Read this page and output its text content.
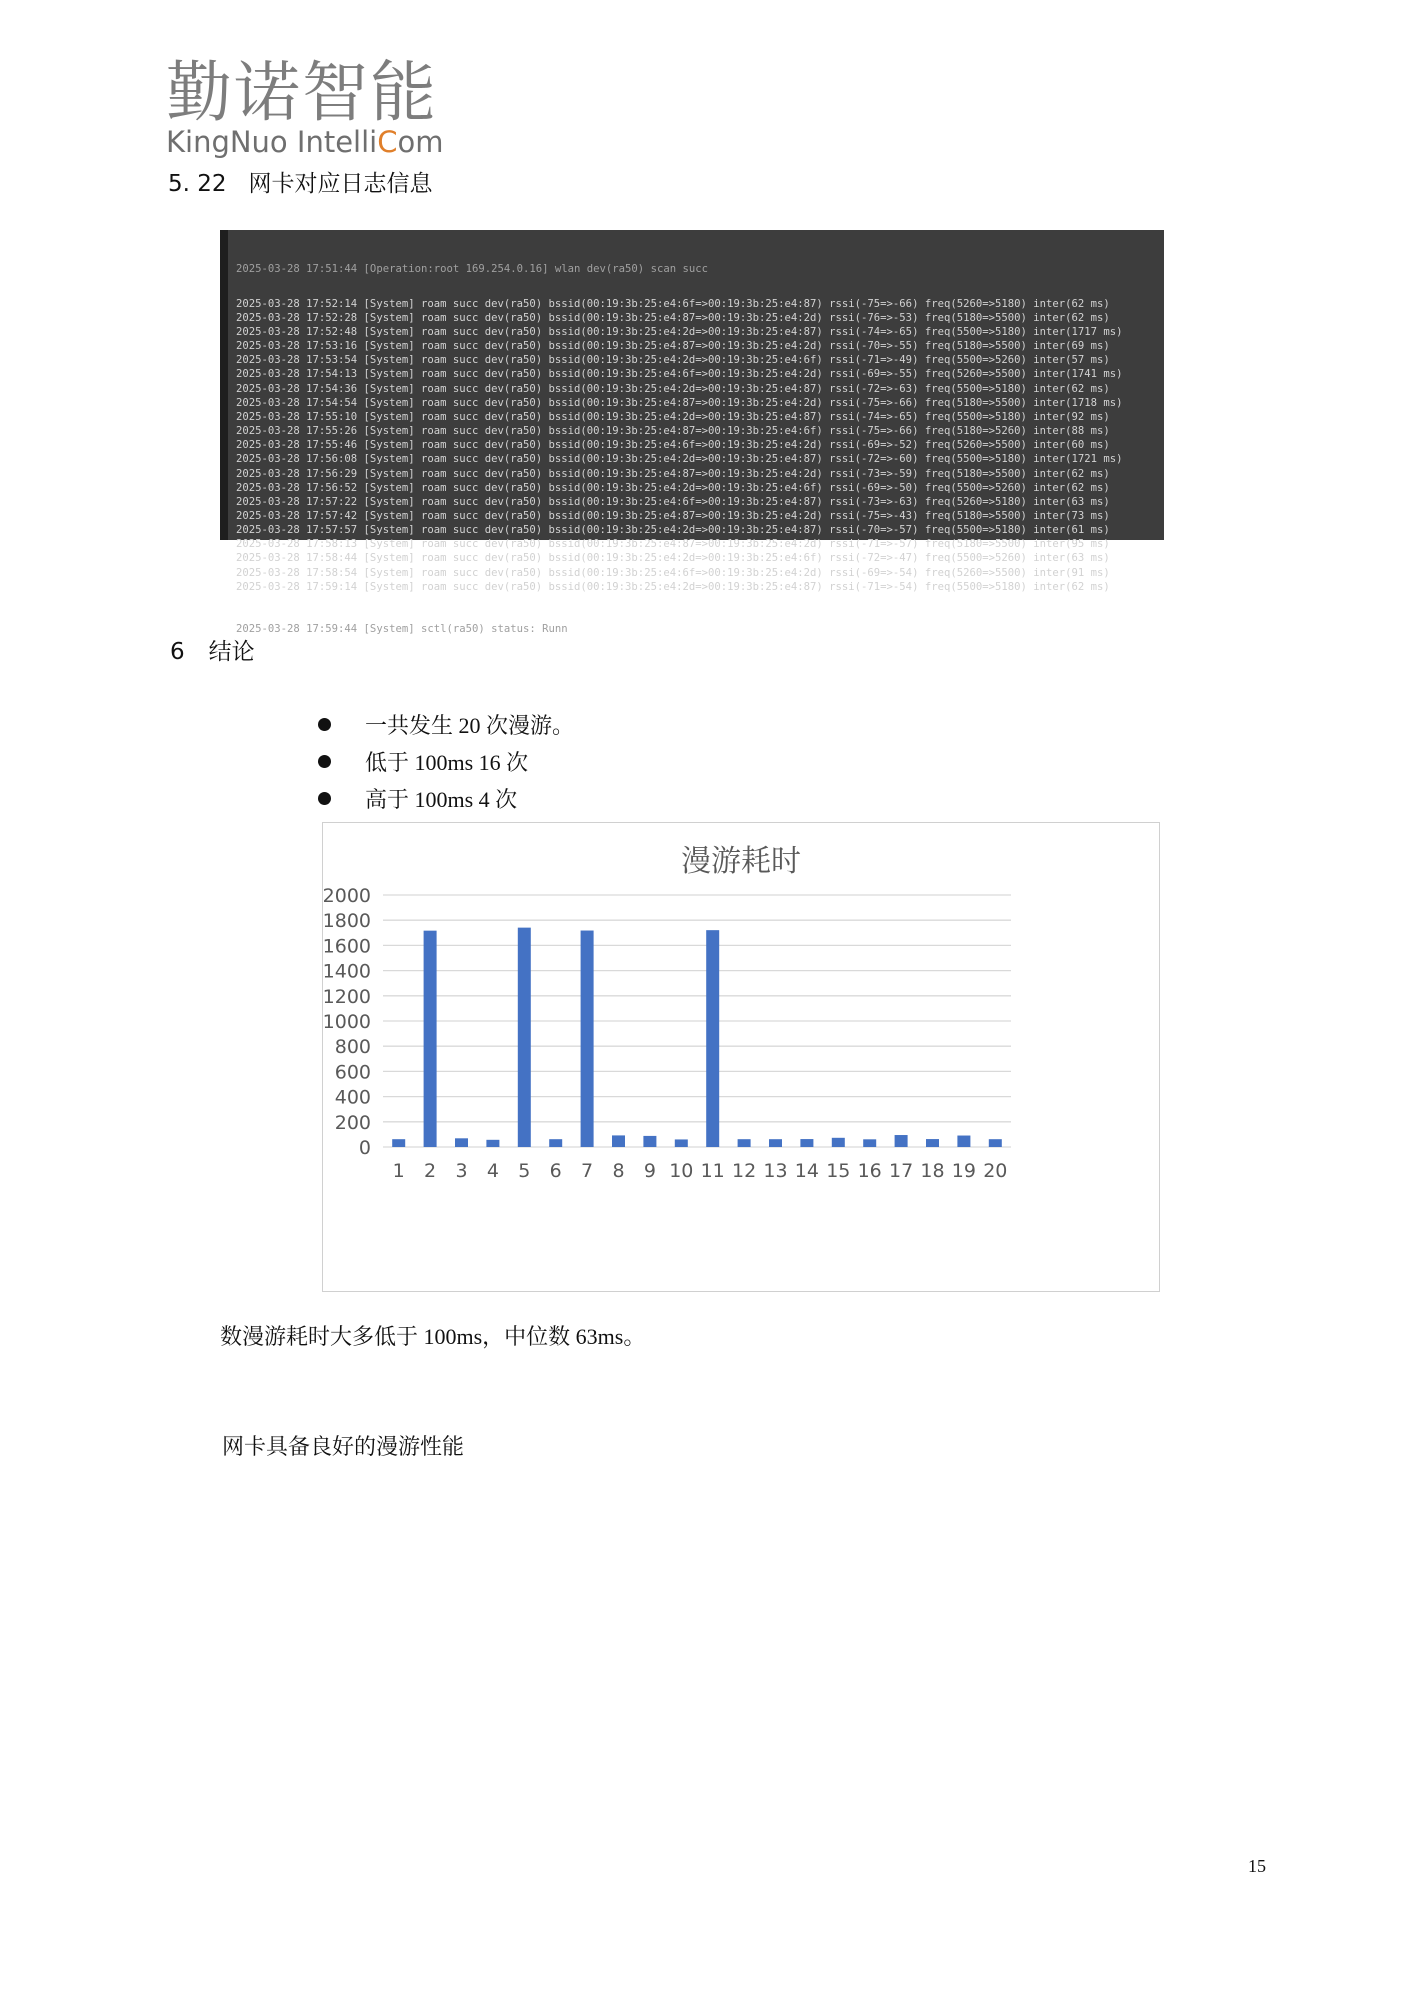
勤诺智能
KingNuo IntelliCom
5. 22 网卡对应日志信息

2025-03-28 17:51:44 [Operation:root 169.254.0.16] wlan dev(ra50) scan succ

2025-03-28 17:52:14 [System] roam succ dev(ra50) bssid(00:19:3b:25:e4:6f=>00:19:3b:25:e4:87) rssi(-75=>-66) freq(5260=>5180) inter(62 ms)
2025-03-28 17:52:28 [System] roam succ dev(ra50) bssid(00:19:3b:25:e4:87=>00:19:3b:25:e4:2d) rssi(-76=>-53) freq(5180=>5500) inter(62 ms)
2025-03-28 17:52:48 [System] roam succ dev(ra50) bssid(00:19:3b:25:e4:2d=>00:19:3b:25:e4:87) rssi(-74=>-65) freq(5500=>5180) inter(1717 ms)
2025-03-28 17:53:16 [System] roam succ dev(ra50) bssid(00:19:3b:25:e4:87=>00:19:3b:25:e4:2d) rssi(-70=>-55) freq(5180=>5500) inter(69 ms)
2025-03-28 17:53:54 [System] roam succ dev(ra50) bssid(00:19:3b:25:e4:2d=>00:19:3b:25:e4:6f) rssi(-71=>-49) freq(5500=>5260) inter(57 ms)
2025-03-28 17:54:13 [System] roam succ dev(ra50) bssid(00:19:3b:25:e4:6f=>00:19:3b:25:e4:2d) rssi(-69=>-55) freq(5260=>5500) inter(1741 ms)
2025-03-28 17:54:36 [System] roam succ dev(ra50) bssid(00:19:3b:25:e4:2d=>00:19:3b:25:e4:87) rssi(-72=>-63) freq(5500=>5180) inter(62 ms)
2025-03-28 17:54:54 [System] roam succ dev(ra50) bssid(00:19:3b:25:e4:87=>00:19:3b:25:e4:2d) rssi(-75=>-66) freq(5180=>5500) inter(1718 ms)
2025-03-28 17:55:10 [System] roam succ dev(ra50) bssid(00:19:3b:25:e4:2d=>00:19:3b:25:e4:87) rssi(-74=>-65) freq(5500=>5180) inter(92 ms)
2025-03-28 17:55:26 [System] roam succ dev(ra50) bssid(00:19:3b:25:e4:87=>00:19:3b:25:e4:6f) rssi(-75=>-66) freq(5180=>5260) inter(88 ms)
2025-03-28 17:55:46 [System] roam succ dev(ra50) bssid(00:19:3b:25:e4:6f=>00:19:3b:25:e4:2d) rssi(-69=>-52) freq(5260=>5500) inter(60 ms)
2025-03-28 17:56:08 [System] roam succ dev(ra50) bssid(00:19:3b:25:e4:2d=>00:19:3b:25:e4:87) rssi(-72=>-60) freq(5500=>5180) inter(1721 ms)
2025-03-28 17:56:29 [System] roam succ dev(ra50) bssid(00:19:3b:25:e4:87=>00:19:3b:25:e4:2d) rssi(-73=>-59) freq(5180=>5500) inter(62 ms)
2025-03-28 17:56:52 [System] roam succ dev(ra50) bssid(00:19:3b:25:e4:2d=>00:19:3b:25:e4:6f) rssi(-69=>-50) freq(5500=>5260) inter(62 ms)
2025-03-28 17:57:22 [System] roam succ dev(ra50) bssid(00:19:3b:25:e4:6f=>00:19:3b:25:e4:87) rssi(-73=>-63) freq(5260=>5180) inter(63 ms)
2025-03-28 17:57:42 [System] roam succ dev(ra50) bssid(00:19:3b:25:e4:87=>00:19:3b:25:e4:2d) rssi(-75=>-43) freq(5180=>5500) inter(73 ms)
2025-03-28 17:57:57 [System] roam succ dev(ra50) bssid(00:19:3b:25:e4:2d=>00:19:3b:25:e4:87) rssi(-70=>-57) freq(5500=>5180) inter(61 ms)
2025-03-28 17:58:13 [System] roam succ dev(ra50) bssid(00:19:3b:25:e4:87=>00:19:3b:25:e4:2d) rssi(-71=>-57) freq(5180=>5500) inter(95 ms)
2025-03-28 17:58:44 [System] roam succ dev(ra50) bssid(00:19:3b:25:e4:2d=>00:19:3b:25:e4:6f) rssi(-72=>-47) freq(5500=>5260) inter(63 ms)
2025-03-28 17:58:54 [System] roam succ dev(ra50) bssid(00:19:3b:25:e4:6f=>00:19:3b:25:e4:2d) rssi(-69=>-54) freq(5260=>5500) inter(91 ms)
2025-03-28 17:59:14 [System] roam succ dev(ra50) bssid(00:19:3b:25:e4:2d=>00:19:3b:25:e4:87) rssi(-71=>-54) freq(5500=>5180) inter(62 ms)

2025-03-28 17:59:44 [System] sctl(ra50) status: Runn

6 结论
一共发生 20 次漫游。
低于 100ms 16 次
高于 100ms 4 次
漫游耗时
0
200
400
600
800
1000
1200
1400
1600
1800
2000
1 2 3 4 5 6 7 8 9 10 11 12 13 14 15 16 17 18 19 20
数漫游耗时大多低于 100ms，中位数 63ms。
网卡具备良好的漫游性能
15
